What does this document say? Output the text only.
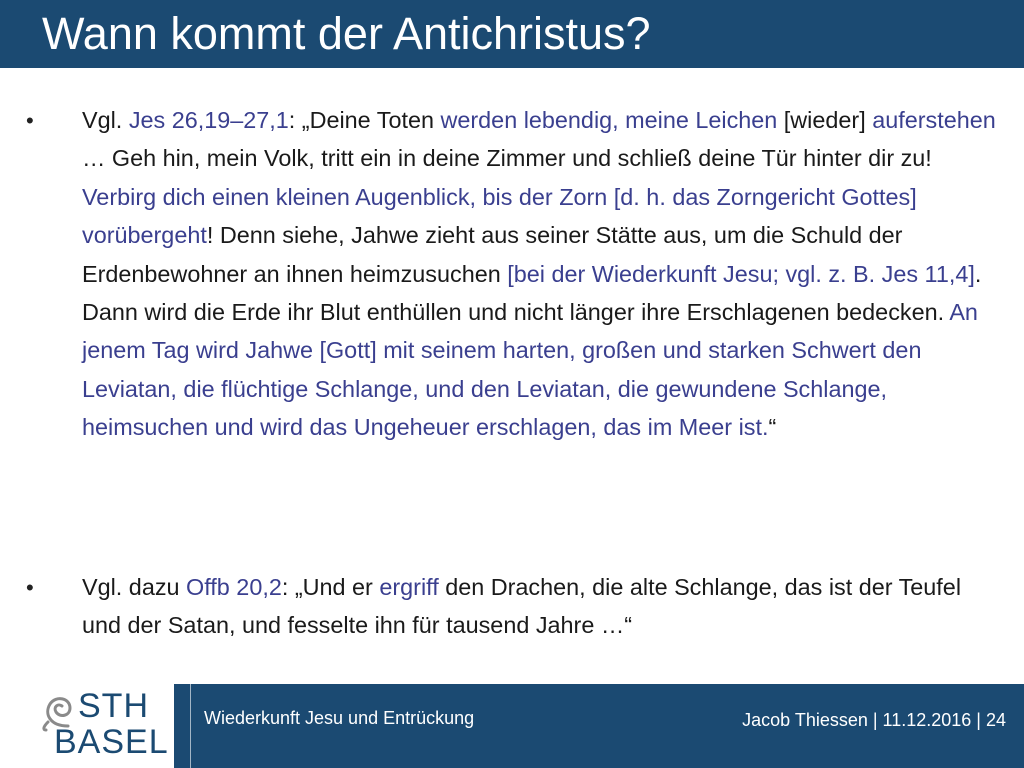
Wann kommt der Antichristus?
• Vgl. Jes 26,19–27,1: „Deine Toten werden lebendig, meine Leichen [wieder] auferstehen … Geh hin, mein Volk, tritt ein in deine Zimmer und schließ deine Tür hinter dir zu! Verbirg dich einen kleinen Augenblick, bis der Zorn [d. h. das Zorngericht Gottes] vorübergeht! Denn siehe, Jahwe zieht aus seiner Stätte aus, um die Schuld der Erdenbewohner an ihnen heimzusuchen [bei der Wiederkunft Jesu; vgl. z. B. Jes 11,4]. Dann wird die Erde ihr Blut enthüllen und nicht länger ihre Erschlagenen bedecken. An jenem Tag wird Jahwe [Gott] mit seinem harten, großen und starken Schwert den Leviatan, die flüchtige Schlange, und den Leviatan, die gewundene Schlange, heimsuchen und wird das Ungeheuer erschlagen, das im Meer ist.“

• Vgl. dazu Offb 20,2: „Und er ergriff den Drachen, die alte Schlange, das ist der Teufel und der Satan, und fesselte ihn für tausend Jahre …“

STH
BASEL
Wiederkunft Jesu und Entrückung	Jacob Thiessen | 11.12.2016 | 24
